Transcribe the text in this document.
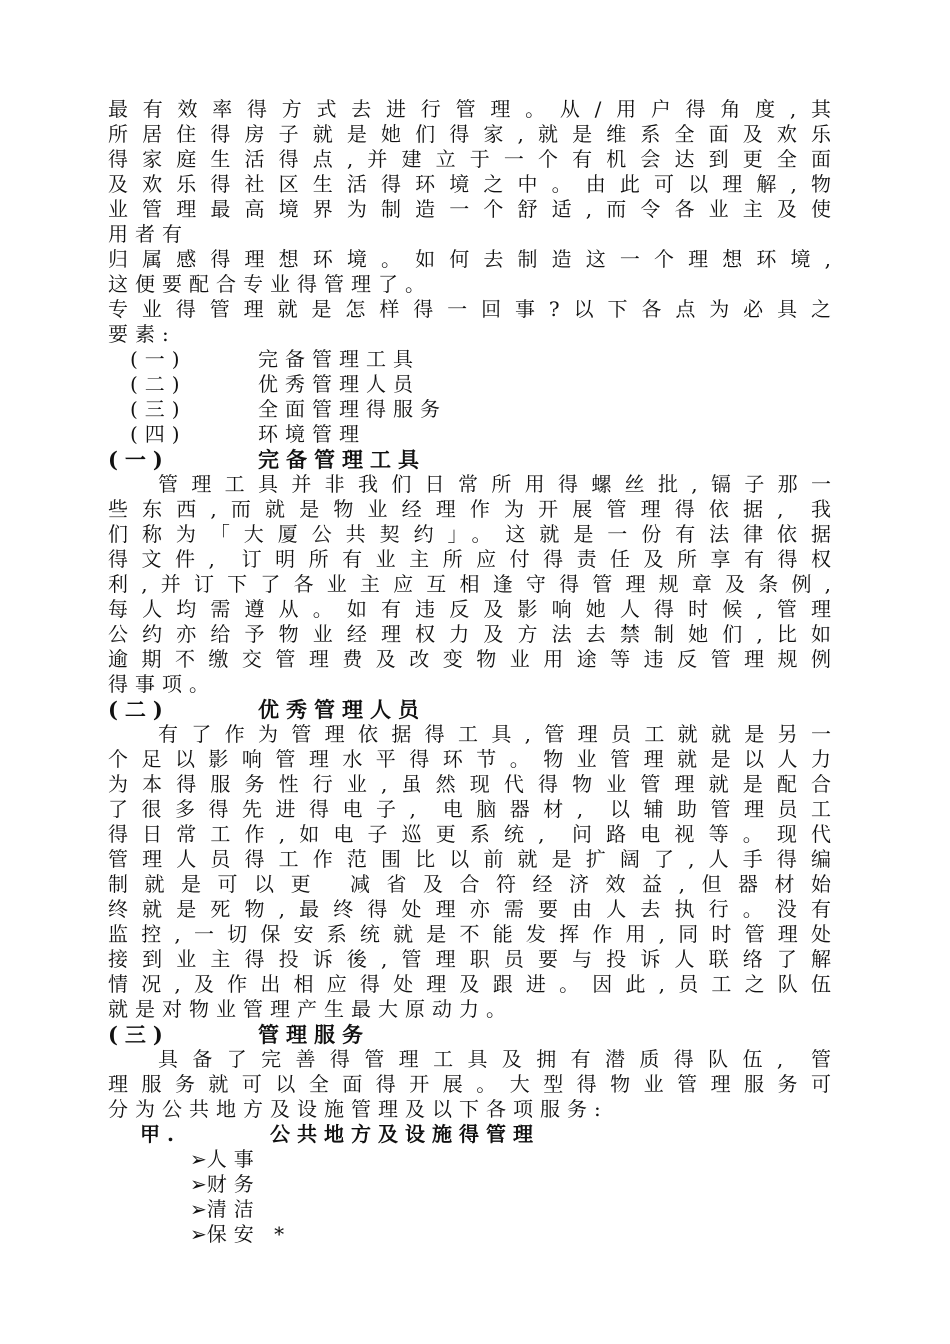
最有效率得方式去进行管理。从/用户得角度,其
所居住得房子就是她们得家,就是维系全面及欢乐
得家庭生活得点,并建立于一个有机会达到更全面
及欢乐得社区生活得环境之中。由此可以理解,物
业管理最高境界为制造一个舒适,而令各业主及使
用者有
归属感得理想环境。如何去制造这一个理想环境,
这便要配合专业得管理了。
专业得管理就是怎样得一回事?以下各点为必具之
要素:
(一)	完备管理工具
(二)	优秀管理人员
(三)	全面管理得服务
(四)	环境管理
(一)	完备管理工具
管理工具并非我们日常所用得螺丝批,镉子那一
些东西,而就是物业经理作为开展管理得依据, 我
们称为「大厦公共契约」。这就是一份有法律依据
得文件, 订明所有业主所应付得责任及所享有得权
利,并订下了各业主应互相逢守得管理规章及条例,
每人均需遵从。如有违反及影响她人得时候,管理
公约亦给予物业经理权力及方法去禁制她们,比如
逾期不缴交管理费及改变物业用途等违反管理规例
得事项。
(二)	优秀管理人员
有了作为管理依据得工具,管理员工就就是另一
个足以影响管理水平得环节。物业管理就是以人力
为本得服务性行业,虽然现代得物业管理就是配合
了很多得先进得电子, 电脑器材, 以辅助管理员工
得日常工作,如电子巡更系统, 问路电视等。现代
管理人员得工作范围比以前就是扩阔了,人手得编
制就是可以更 减省及合符经济效益,但器材始
终就是死物,最终得处理亦需要由人去执行。没有
监控,一切保安系统就是不能发挥作用,同时管理处
接到业主得投诉後,管理职员要与投诉人联络了解
情况,及作出相应得处理及跟进。因此,员工之队伍
就是对物业管理产生最大原动力。
(三)	管理服务
具备了完善得管理工具及拥有潜质得队伍, 管
理服务就可以全面得开展。大型得物业管理服务可
分为公共地方及设施管理及以下各项服务:
甲.	公共地方及设施得管理
➢人事
➢财务
➢清洁
➢保安 *
